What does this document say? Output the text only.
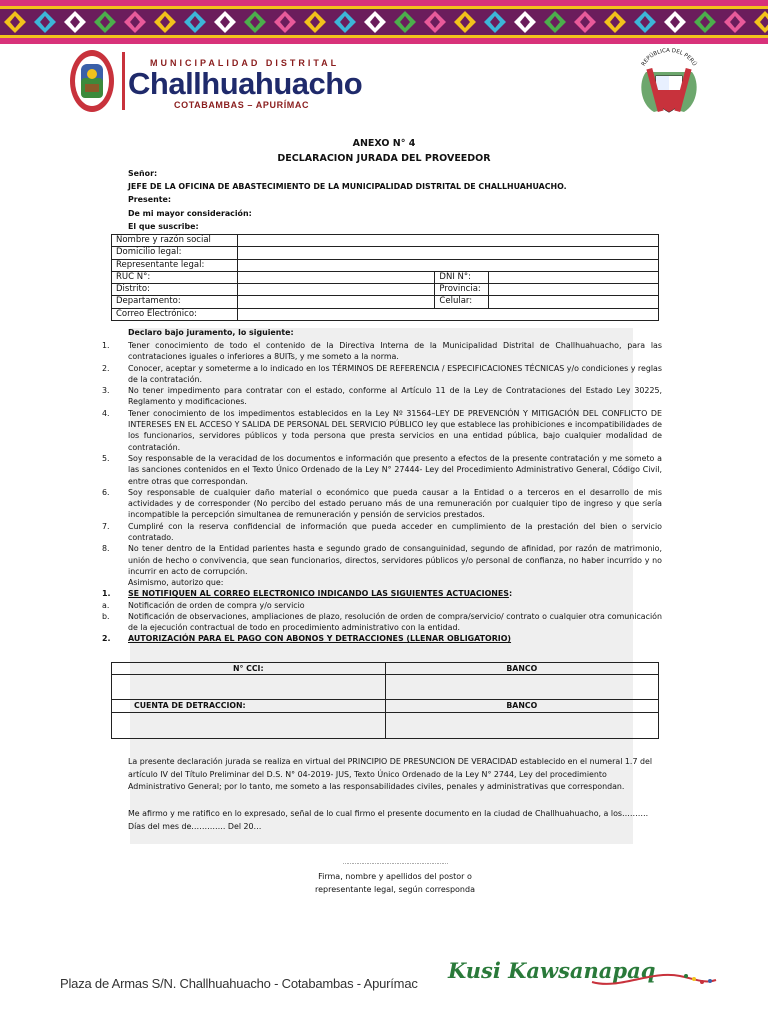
MUNICIPALIDAD DISTRITAL
Challhuahuacho
COTABAMBAS – APURÍMAC
REPÚBLICA DEL PERÚ
ANEXO N° 4
DECLARACION JURADA DEL PROVEEDOR
Señor:
JEFE DE LA OFICINA DE ABASTECIMIENTO DE LA MUNICIPALIDAD DISTRITAL DE CHALLHUAHUACHO.
Presente:
De mi mayor consideración:
El que suscribe:
Nombre y razón social			
Domicilio legal:			
Representante legal:			
RUC N°:		DNI N°:	
Distrito:		Provincia:	
Departamento:		Celular:	
Correo Electrónico:			
Declaro bajo juramento, lo siguiente:
1. Tener conocimiento de todo el contenido de la Directiva Interna de la Municipalidad Distrital de Challhuahuacho, para las contrataciones iguales o inferiores a 8UITs, y me someto a la norma.
2. Conocer, aceptar y someterme a lo indicado en los TÉRMINOS DE REFERENCIA / ESPECIFICACIONES TÉCNICAS y/o condiciones y reglas de la contratación.
3. No tener impedimento para contratar con el estado, conforme al Artículo 11 de la Ley de Contrataciones del Estado Ley 30225, Reglamento y modificaciones.
4. Tener conocimiento de los impedimentos establecidos en la Ley Nº 31564–LEY DE PREVENCIÓN Y MITIGACIÓN DEL CONFLICTO DE INTERESES EN EL ACCESO Y SALIDA DE PERSONAL DEL SERVICIO PÚBLICO ley que establece las prohibiciones e incompatibilidades de los funcionarios, servidores públicos y toda persona que presta servicios en una entidad pública, bajo cualquier modalidad de contratación.
5. Soy responsable de la veracidad de los documentos e información que presento a efectos de la presente contratación y me someto a las sanciones contenidos en el Texto Único Ordenado de la Ley N° 27444- Ley del Procedimiento Administrativo General, Código Civil, entre otras que correspondan.
6. Soy responsable de cualquier daño material o económico que pueda causar a la Entidad o a terceros en el desarrollo de mis actividades y de corresponder (No percibo del estado peruano más de una remuneración por cualquier tipo de ingreso y que sería incompatible la percepción simultanea de remuneración y pensión de servicios prestados.
7. Cumpliré con la reserva confidencial de información que pueda acceder en cumplimiento de la prestación del bien o servicio contratado.
8. No tener dentro de la Entidad parientes hasta e segundo grado de consanguinidad, segundo de afinidad, por razón de matrimonio, unión de hecho o convivencia, que sean funcionarios, directos, servidores públicos y/o personal de confianza, no haber incurrido y no incurrir en acto de corrupción.
Asimismo, autorizo que:
1. SE NOTIFIQUEN AL CORREO ELECTRONICO INDICANDO LAS SIGUIENTES ACTUACIONES:
a. Notificación de orden de compra y/o servicio
b. Notificación de observaciones, ampliaciones de plazo, resolución de orden de compra/servicio/ contrato o cualquier otra comunicación de la ejecución contractual de todo en procedimiento administrativo con la entidad.
2. AUTORIZACIÓN PARA EL PAGO CON ABONOS Y DETRACCIONES (LLENAR OBLIGATORIO)
N° CCI:	BANCO

CUENTA DE DETRACCION:	BANCO

La presente declaración jurada se realiza en virtual del PRINCIPIO DE PRESUNCION DE VERACIDAD establecido en el numeral 1.7 del artículo IV del Título Preliminar del D.S. N° 04-2019- JUS, Texto Único Ordenado de la Ley N° 2744, Ley del procedimiento Administrativo General; por lo tanto, me someto a las responsabilidades civiles, penales y administrativas que correspondan.
Me afirmo y me ratifico en lo expresado, señal de lo cual firmo el presente documento en la ciudad de Challhuahuacho, a los………. Días del mes de…………. Del 20…
………………………………………………………
Firma, nombre y apellidos del postor o
representante legal, según corresponda
Plaza de Armas S/N. Challhuahuacho - Cotabambas - Apurímac
Kusi Kawsanapaq
